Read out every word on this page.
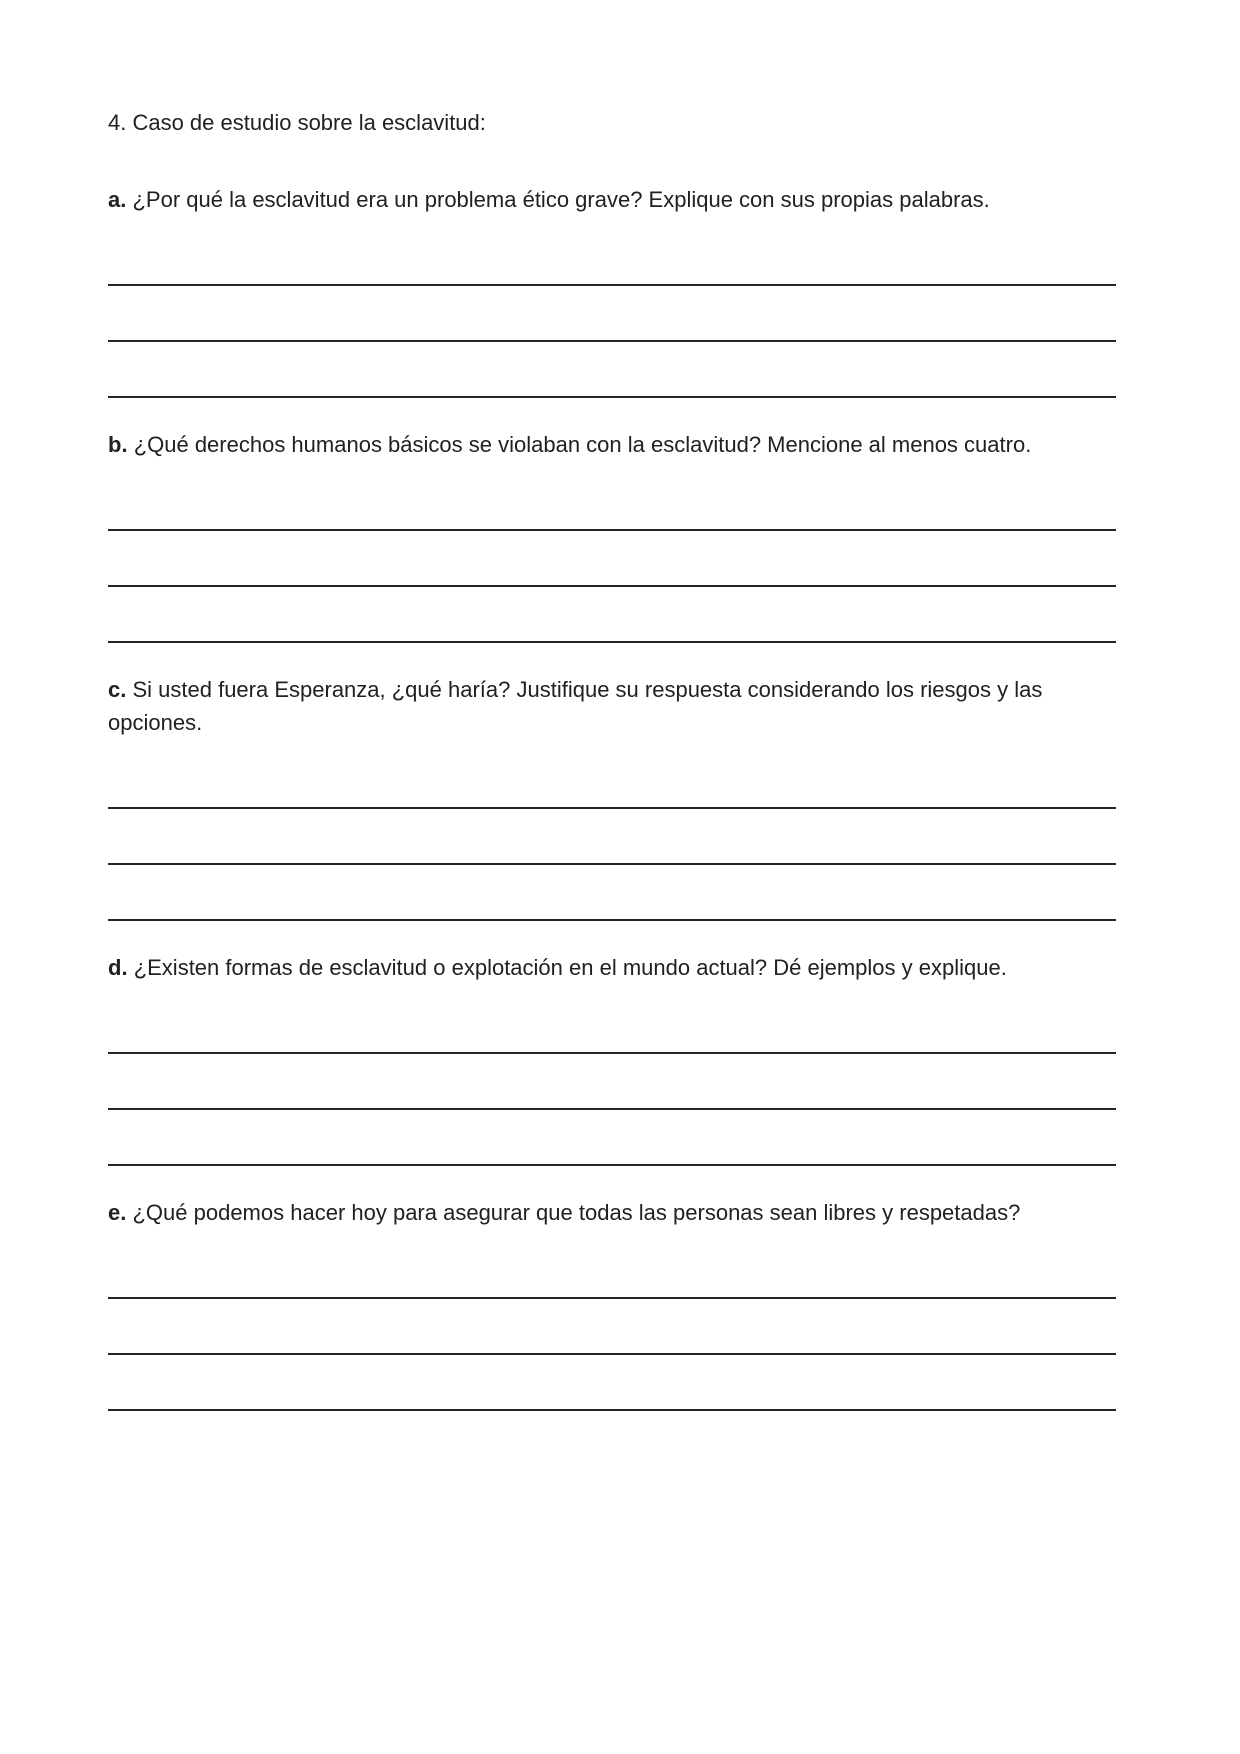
4. Caso de estudio sobre la esclavitud:

a. ¿Por qué la esclavitud era un problema ético grave? Explique con sus propias palabras.

b. ¿Qué derechos humanos básicos se violaban con la esclavitud? Mencione al menos cuatro.

c. Si usted fuera Esperanza, ¿qué haría? Justifique su respuesta considerando los riesgos y las opciones.

d. ¿Existen formas de esclavitud o explotación en el mundo actual? Dé ejemplos y explique.

e. ¿Qué podemos hacer hoy para asegurar que todas las personas sean libres y respetadas?
